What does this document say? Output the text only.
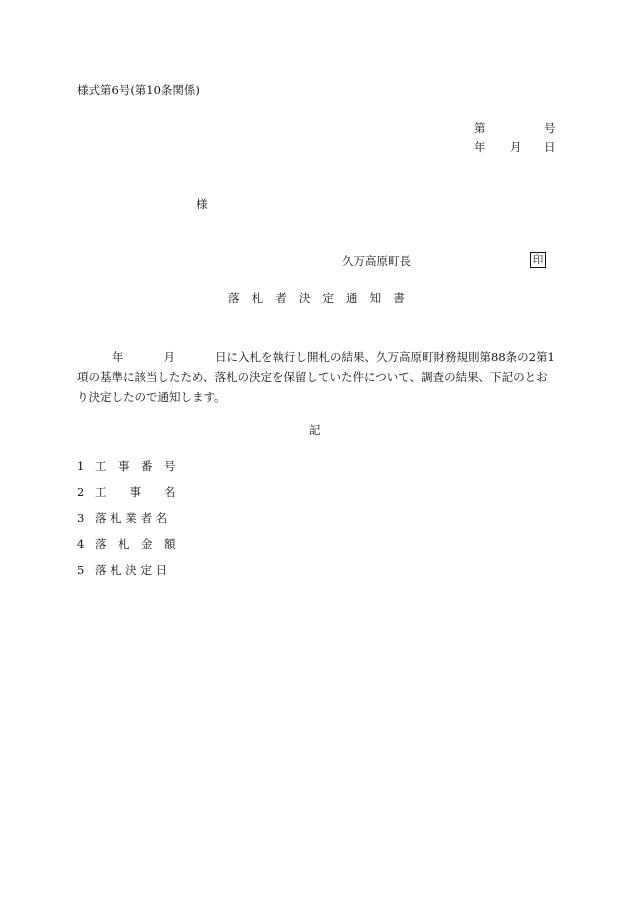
様式第6号(第10条関係)
第	号
年 月 日
様
久万高原町長	印
落 札 者 決 定 通 知 書
年	月	日に入札を執行し開札の結果、久万高原町財務規則第88条の2第1項の基準に該当したため、落札の決定を保留していた件について、調査の結果、下記のとおり決定したので通知します。
記
1 工　事　番　号
2 工　　事　　名
3 落 札 業 者 名
4 落　札　金　額
5 落 札 決 定 日
